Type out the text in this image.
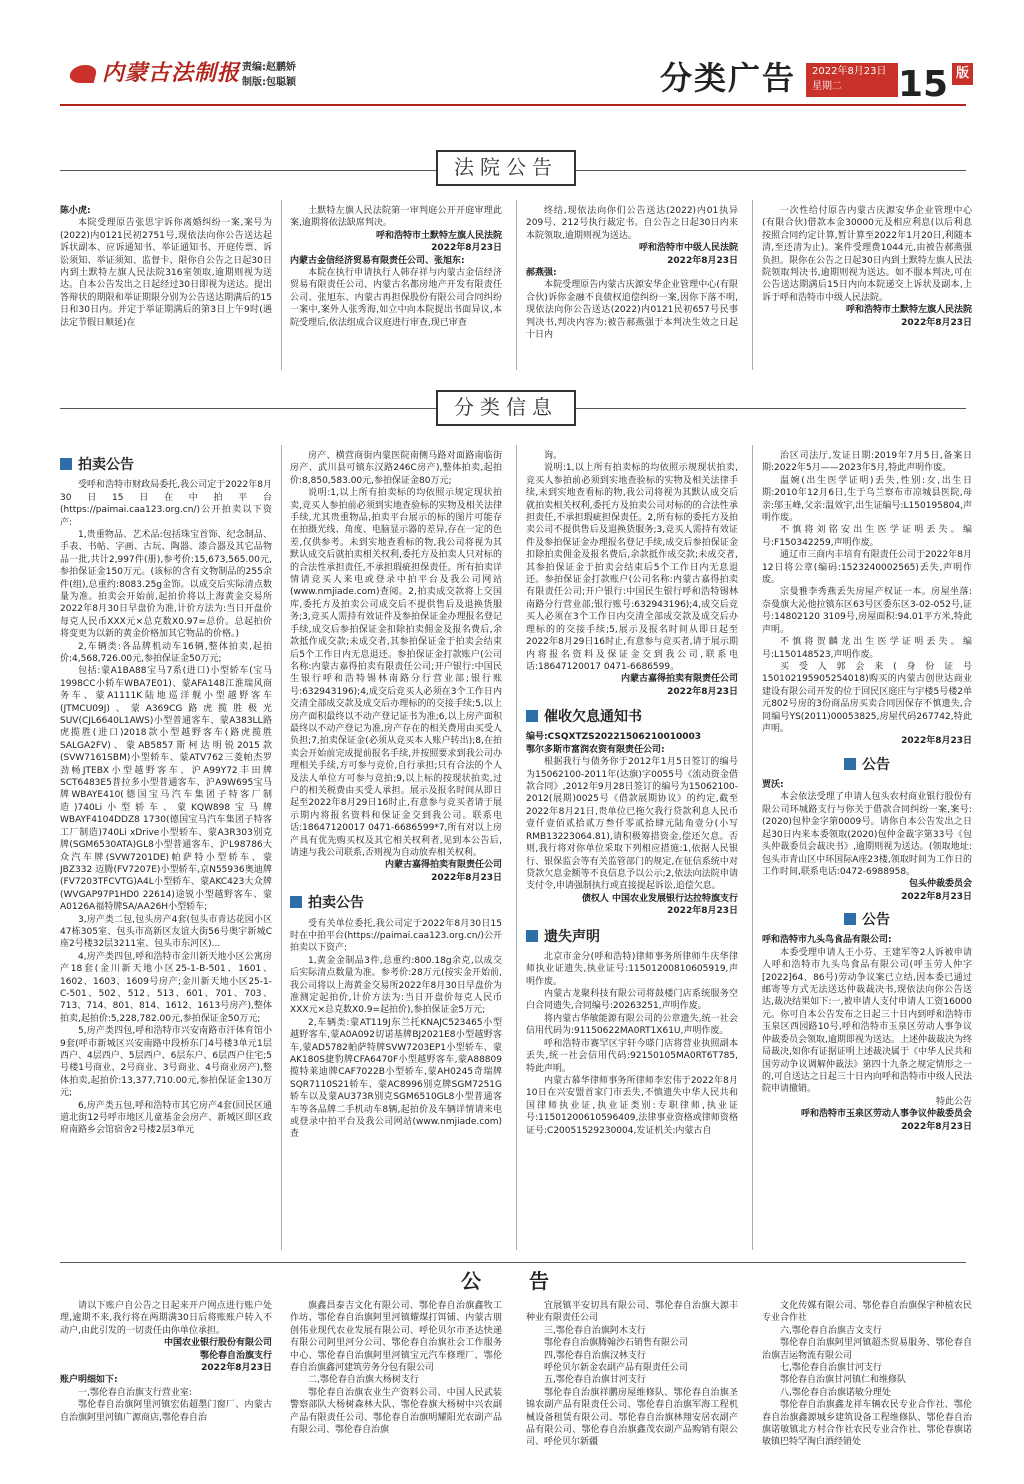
内蒙古法制报 责编:赵鹏娇
制版:包聪颖	分类广告 2022年8月23日
星期二	15 版
法院公告

陈小虎:

本院受理原告张思宇诉你离婚纠纷一案,案号为(2022)内0121民初2751号,现依法向你公告送达起诉状副本、应诉通知书、举证通知书、开庭传票、诉讼须知、举证须知、监督卡、限你自公告之日起30日内到土默特左旗人民法院316室领取,逾期则视为送达。自本公告发出之日起经过30日即视为送达。提出答辩状的期限和举证期限分别为公告送达期满后的15日和30日内。并定于举证期满后的第3日上午9时(遇法定节假日顺延)在

土默特左旗人民法院第一审判庭公开开庭审理此案,逾期将依法缺席判决。

呼和浩特市土默特左旗人民法院

2022年8月23日

内蒙古金信经济贸易有限责任公司、张旭东:

本院在执行申请执行人韩存祥与内蒙古金信经济贸易有限责任公司、内蒙古名都房地产开发有限责任公司、张旭东、内蒙古再担保股份有限公司合同纠纷一案中,案外人张秀海,如立中向本院提出书面异议,本院受理后,依法组成合议庭进行审查,现已审查

终结,现依法向你们公告送达(2022)内01执异209号、212号执行裁定书。自公告之日起30日内来本院领取,逾期则视为送达。

呼和浩特市中级人民法院

2022年8月23日

郝燕强:

本院受理原告内蒙古庆源安华企业管理中心(有限合伙)诉你金融不良债权追偿纠纷一案,因你下落不明,现依法向你公告送达(2022)内0121民初657号民事判决书,判决内容为:被告郝燕强于本判决生效之日起十日内

一次性给付原告内蒙古庆源安华企业管理中心(有限合伙)借款本金30000元及相应利息(以后利息按照合同约定计算,暂计算至2022年1月20日,利随本清,至还清为止)。案件受理费1044元,由被告郝燕强负担。限你在公告之日起30日内到土默特左旗人民法院领取判决书,逾期则视为送达。如不服本判决,可在公告送达期满后15日内向本院递交上诉状及副本,上诉于呼和浩特市中级人民法院。

呼和浩特市土默特左旗人民法院

2022年8月23日

分类信息
拍卖公告

受呼和浩特市财政局委托,我公司定于2022年8月30日15日在中拍平台(https://paimai.caa123.org.cn/)公开拍卖以下资产:

1,贵重物品、艺术品:包括珠宝首饰、纪念制品、手表、书帖、字画、古玩、陶器、漆合器及其它品物品一批,共计2,997件(册),参考价:15,673,565.00元,参拍保证金150万元。(该标的含有文物制品的255余件(组),总重约:8083.25g金饰。以成交后实际清点数量为准。拍卖会开始前,起拍价将以上海黄金交易所2022年8月30日早盘价为准,计价方法为:当日开盘价每克人民币XXX元×总克数X0.97=总价。总起拍价将变更为以新的黄金价格加其它物品的价格。)

2,车辆类:各品牌机动车16辆,整体拍卖,起拍价:4,568,726.00元,参拍保证金50万元;

包括:蒙A1BA88宝马7系(进口)小型轿车(宝马1998CC小轿车WBA7E01)、蒙AFA148江淮瑞风商务车、蒙A1111K陆地巡洋舰小型越野客车(JTMCU09J)、蒙A369CG路虎揽胜极光SUV(CJL6640L1AWS)小型普通客车、蒙A383LL路虎揽胜(进口)2018款小型越野客车(路虎揽胜SALGA2FV)、蒙AB5857斯柯达明锐2015款(SVW7161SBM)小型轿车、蒙ATV762三菱帕杰罗劲畅JTEBX小型越野客车、沪A99Y72丰田牌SCT6483E5普拉多小型普通客车、沪A9W695宝马牌WBAYE410(德国宝马汽车集团子特客厂制造)740Li小型轿车、蒙KQW898宝马牌WBAYF4104DDZ8 1730(德国宝马汽车集团子特客工厂制造)740Li xDrive小型轿车、蒙A3R303别克牌(SGM6530ATA)GL8小型普通客车、沪L98786大众汽车牌(SVW7201DE)帕萨特小型轿车、蒙JBZ332 迈腾(FV7207E)小型轿车,京N55936奥迪牌(FV7203TFCVTG)A4L小型轿车、蒙AKC423大众牌(WVGAP97P1HD0 22614)途锐小型越野客车、蒙A0126A福特牌SA/AA26H小型轿车;

3,房产类二包,包头房产4套(包头市青达花园小区47栋305室、包头市高新区友谊大街56号奥宇新城C座2号楼32层3211室、包头市东河区)...

4,房产类四包,呼和浩特市金川新天地小区公寓房产18套(金川新天地小区25-1-B-501、1601、1602、1603、1609号房产;金川新天地小区25-1-C-501、502、512、513、601、701、703、713、714、801、814、1612、1613号房产),整体拍卖,起拍价:5,228,782.00元,参拍保证金50万元;

5,房产类四包,呼和浩特市兴安南路市汗体育馆小9套(呼市新城区兴安南路中段桥东门4号楼3单元1层西户、4层西户、5层西户、6层东户、6层西户住宅;5号楼1号商业、2号商业、3号商业、4号商业房产),整体拍卖,起拍价:13,377,710.00元,参拍保证金130万元;

6,房产类五包,呼和浩特市其它房产4套(回民区通道北街12号呼市地区儿童基金会房产、新城区即区政府南路乡会馆宿舍2号楼2层3单元

房产、横营商街内蒙医院南侧马路对面路南临街房产、武川县可镇东汉路246C房产),整体拍卖,起拍价:8,850,583.00元,参拍保证金80万元;

说明:1,以上所有拍卖标的均依照示规定现状拍卖,竞买人参拍前必须到实地查验标的实物及相关法律手续,尤其贵重物品,拍卖平台展示的标的图片可能存在拍摄光线、角度、电脑显示器的差异,存在一定的色差,仅供参考。未到实地查看标的物,我公司将视为其默认成交后就拍卖相关权利,委托方及拍卖人只对标的的合法性承担责任,不承担瑕疵担保责任。所有拍卖详情请竞买人来电或登录中拍平台及我公司网站(www.nmjiade.com)查阅。2,拍卖成交款将上交国库,委托方及拍卖公司成交后不提供售后及退换货服务;3,竞买人需持有效证件及参拍保证金办理报名登记手续,成交后参拍保证金扣除拍卖佣金及报名费后,余款抵作成交款;未成交者,其参拍保证金于拍卖会结束后5个工作日内无息退还。参拍保证金打款账户(公司名称:内蒙古嘉得拍卖有限责任公司;开户银行:中国民生银行呼和浩特锡林南路分行营业部;银行账号:632943196);4,成交后竞买人必须在3个工作日内交清全部成交款及成交后办理标的的交接手续;5,以上房产面积最终以不动产登记证书为准;6,以上房产面积最终以不动产登记为准,房产存在的相关费用由买受人负担;7,拍卖保证金(必须从竞买本人账户转出);8,在拍卖会开始前完成提前报名手续,并按照要求到我公司办理相关手续,方可参与竞价,自行承担;只有合法的个人及法人单位方可参与竞拍;9,以上标的按现状拍卖,过户的相关税费由买受人承担。展示及报名时间从即日起至2022年8月29日16时止,有意参与竞买者请于展示期内将报名资料和保证金交到我公司。联系电话:18647120017 0471-6686599*7,所有对以上房产具有优先购买权及其它相关权利者,见到本公告后,请速与我公司联系,否则视为自动放弃相关权利。

内蒙古嘉得拍卖有限责任公司

2022年8月23日

拍卖公告

受有关单位委托,我公司定于2022年8月30日15时在中拍平台(https://paimai.caa123.org.cn/)公开拍卖以下资产:

1,黄金金制品3件,总重约:800.18g余克,以成交后实际清点数量为准。参考价:28万元(按实金开始前,我公司将以上海黄金交易所2022年8月30日早盘价为准测定起拍价,计价方法为:当日开盘价每克人民币XXX元×总克数X0.9=起拍价),参拍保证金5万元;

2,车辆类:蒙AT119J东兰托KNAJC523465小型越野客车,蒙A0A092切诺基牌BJ2021E8小型越野客车,蒙AD5782帕萨特牌SVW7203EP1小型轿车、蒙AK180S捷豹牌CFA6470F小型越野客车,蒙A88809揽特莱迪牌CAF7022B小型轿车,蒙AH0245奇瑞牌SQR7110S21轿车、蒙AC8996别克牌SGM7251G轿车以及蒙AU373R别克SGM6510GL8小型普通客车等各品牌二手机动车8辆,起拍价及车辆详情请来电或登录中拍平台及我公司网站(www.nmjiade.com)查

询。

说明:1,以上所有拍卖标的均依照示规现状拍卖,竞买人参拍前必须到实地查验标的实物及相关法律手续,未到实地查看标的物,我公司将视为其默认成交后就拍卖相关权利,委托方及拍卖公司对标的的合法性承担责任,不承担瑕疵担保责任。2,所有标的委托方及拍卖公司不提供售后及退换货服务;3,竞买人需持有效证件及参拍保证金办理报名登记手续,成交后参拍保证金扣除拍卖佣金及报名费后,余款抵作成交款;未成交者,其参拍保证金于拍卖会结束后5个工作日内无息退还。参拍保证金打款账户(公司名称:内蒙古嘉得拍卖有限责任公司;开户银行:中国民生银行呼和浩特锡林南路分行营业部;银行账号:632943196);4,成交后竞买人必须在3个工作日内交清全部成交款及成交后办理标的的交接手续;5,展示及报名时间从即日起至2022年8月29日16时止,有意参与竞买者,请于展示期内将报名资料及保证金交到我公司,联系电话:18647120017 0471-6686599。

内蒙古嘉得拍卖有限责任公司

2022年8月23日

催收欠息通知书

编号:CSQXTZS20221506210010003

鄂尔多斯市富润农资有限责任公司:

根据我行与债务你于2012年1月5日签订的编号为15062100-2011年(达旗)字0055号《流动资金借款合同》,2012年9月28日签订的编号为15062100-2012(展期)0025号《借款展期协议》的约定,截至2022年8月21日,贵单位已拖欠我行贷款利息人民币壹仟壹佰贰拾贰万叁仟零贰拾肆元陆角壹分(小写RMB13223064.81),请积极筹措资金,偿还欠息。否则,我行将对你单位采取下列相应措施:1,依据人民银行、银保监会等有关监管部门的规定,在征信系统中对贷款欠息金额等不良信息予以公示;2,依法向法院申请支付令,申请强制执行或直接提起诉讼,追偿欠息。

债权人 中国农业发展银行达拉特旗支行

2022年8月23日

遗失声明

北京市金分(呼和浩特)律师事务所律师牛庆华律师执业证遗失,执业证号:11501200810605919,声明作废。

内蒙古龙聚科技有限公司将鼓楼门店系统服务空白合同遗失,合同编号:20263251,声明作废。

将内蒙古华敏能源有限公司的公章遗失,统一社会信用代码为:91150622MA0RT1X61U,声明作废。

呼和浩特市赛罕区宇轩今嗏门店将营业执照副本丢失,统一社会信用代码:92150105MA0RT6T785,特此声明。

内蒙古慕华律师事务所律师李宏伟于2022年8月10日在兴安盟首家门市丢失,不慎遗失中华人民共和国律师执业证,执业证类别:专职律师,执业证号:11501200610596409,法律事业资格或律师资格证号:C20051529230004,发证机关:内蒙古自

治区司法厅,发证日期:2019年7月5日,备案日期:2022年5月——2023年5月,特此声明作废。

温婉(出生医学证明)丢失,性别:女,出生日期:2010年12月6日,生于乌兰察布市凉城县医院,母亲:邬玉峰,父亲:温效宇,出生证编号:L150195804,声明作废。

不慎将刘铭安出生医学证明丢失。编号:F150342259,声明作废。

通辽市三商内丰培育有限责任公司于2022年8月12日将公章(编码:1523240002565)丢失,声明作废。

宗曼雅李秀燕丢失房屋产权证一本。房屋坐落:奈曼旗大沁他拉镇东区63号区委东区3-02-052号,证号:14802120 3109号,房屋面积:94.01平方米,特此声明。

不慎将贺麟龙出生医学证明丢失。编号:L150148523,声明作废。

买受人郭会来(身份证号150102195905254018)购买的内蒙古创世达商业建设有限公司开发的位于回民区庭庄与宇楼5号楼2单元802号房的3份商品房买卖合同因保存不慎遗失,合同编号YS(2011)00053825,房屋代码267742,特此声明。

2022年8月23日

公告

贾沃:

本会依法受理了申请人包头农村商业银行股份有限公司环城路支行与你关于借款合同纠纷一案,案号:(2020)包仲金字第0009号。请你自本公告发出之日起30日内来本委领取(2020)包仲金裁字第33号《包头仲裁委员会裁决书》,逾期则视为送达。(领取地址:包头市青山区中环国际A座23楼,领取时间为工作日的工作时间,联系电话:0472-6988958。

包头仲裁委员会

2022年8月23日

公告

呼和浩特市九头鸟食品有限公司:

本委受理申请人王小芬、王建军等2人诉被申请人呼和浩特市九头鸟食品有限公司(呼玉劳人仲字[2022]64、86号)劳动争议案已立结,因本委已通过邮寄等方式无法送达仲裁裁决书,现依法向你公告送达,裁决结果如下:一,被申请人支付申请人工资16000元。你可自本公告发布之日起三十日内到呼和浩特市玉泉区西园路10号,呼和浩特市玉泉区劳动人事争议仲裁委员会领取,逾期即视为送达。上述仲裁裁决为终局裁决,如你有证据证明上述裁决属于《中华人民共和国劳动争议调解仲裁法》第四十九条之规定情形之一的,可自送达之日起三十日内向呼和浩特市中级人民法院申请撤销。

特此公告

呼和浩特市玉泉区劳动人事争议仲裁委员会

2022年8月23日

公　告

请以下账户自公告之日起来开户网点进行账户处理,逾期不来,我行将在两期满30日后将账账户转入不动户,由此引发的一切责任由你单位承担。

中国农业银行股份有限公司

鄂伦春自治旗支行

2022年8月23日

账户明细如下:

一,鄂伦春自治旗支行营业室:

鄂伦春自治旗阿里河镇宏佑超墨门窗厂、内蒙古自治旗阿里河镇广源商店,鄂伦春自治

旗鑫昌泰吉文化有限公司、鄂伦春自治旗鑫牧工作坊、鄂伦春自治旗阿里河镇耀煤打饵铺、内蒙古朋创伟业现代农业发展有限公司、呼伦贝尔市圣达快递有限公司阿里河分公司、鄂伦春自治旗社会工作服务中心、鄂伦春自治旗阿里河镇宝元汽车修理厂、鄂伦春自治旗鑫河建筑劳务分包有限公司

二,鄂伦春自治旗大杨树支行

鄂伦春自治旗农业生产资料公司、中国人民武装警察部队大杨树森林大队、鄂伦春旗大杨树中兴农副产品有限责任公司、鄂伦春自治旗明耀阳光农副产品有限公司、鄂伦春自治旗

宜展镇平安切具有限公司、鄂伦春自治旗大源丰种业有限责任公司

三,鄂伦春自治旗阿木支行

鄂伦春自治旗腾翰沙石销售有限公司

四,鄂伦春自治旗汉林支行

呼伦贝尔新金农副产品有限责任公司

五,鄂伦春自治旗甘河支行

鄂伦春自治旗祥鹏房屋维修队、鄂伦春自治旗圣锦农副产品有限责任公司、鄂伦春自治旗军海工程机械设备租赁有限公司、鄂伦春自治旗林翔安居农副产品有限公司、鄂伦春自治旗鑫茂农副产品购销有限公司、呼伦贝尔新疆

文化传媒有限公司、鄂伦春自治旗保宇种植农民专业合作社

六,鄂伦春自治旗吉文支行

鄂伦春自治旗阿里河镇超杰贸易服务、鄂伦春自治旗吉运物流有限公司

七,鄂伦春自治旗甘河支行

鄂伦春自治旗甘河镇仁和维修队

八,鄂伦春自治旗诺敏分理处

鄂伦春自治旗鑫龙祥车辆农民专业合作社、鄂伦春自治旗鑫源城乡建筑设备工程维修队、鄂伦春自治旗诺敏镇北方村合作社农民专业合作社、鄂伦春旗诺敏镇巴特罕淘白酒经销处
